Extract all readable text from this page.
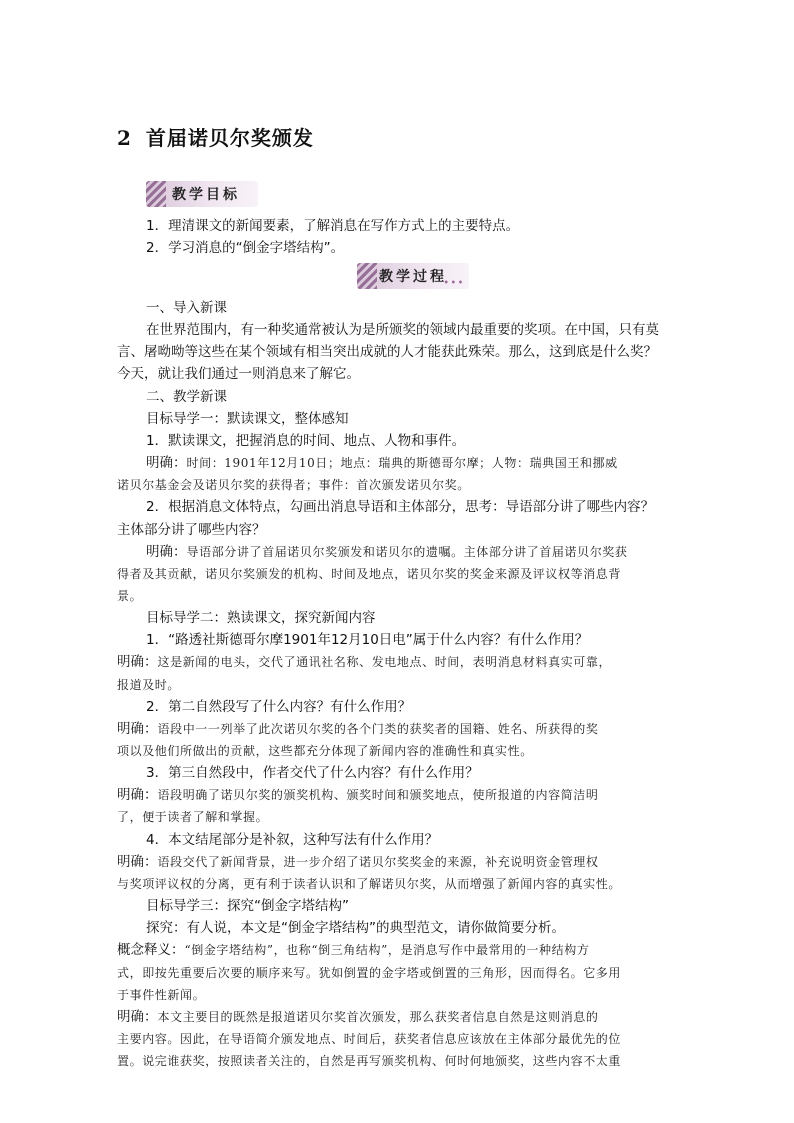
2 首届诺贝尔奖颁发
教学目标
1．理清课文的新闻要素，了解消息在写作方式上的主要特点。
2．学习消息的“倒金字塔结构”。
教学过程
•••
一、导入新课
在世界范围内，有一种奖通常被认为是所颁奖的领域内最重要的奖项。在中国，只有莫
言、屠呦呦等这些在某个领域有相当突出成就的人才能获此殊荣。那么，这到底是什么奖？
今天，就让我们通过一则消息来了解它。
二、教学新课
目标导学一：默读课文，整体感知
1．默读课文，把握消息的时间、地点、人物和事件。
明确：时间：1901年12月10日；地点：瑞典的斯德哥尔摩；人物：瑞典国王和挪威
诺贝尔基金会及诺贝尔奖的获得者；事件：首次颁发诺贝尔奖。
2．根据消息文体特点，勾画出消息导语和主体部分，思考：导语部分讲了哪些内容？
主体部分讲了哪些内容？
明确：导语部分讲了首届诺贝尔奖颁发和诺贝尔的遗嘱。主体部分讲了首届诺贝尔奖获
得者及其贡献，诺贝尔奖颁发的机构、时间及地点，诺贝尔奖的奖金来源及评议权等消息背
景。
目标导学二：熟读课文，探究新闻内容
1．“路透社斯德哥尔摩1901年12月10日电”属于什么内容？有什么作用？
明确：这是新闻的电头，交代了通讯社名称、发电地点、时间，表明消息材料真实可靠，
报道及时。
2．第二自然段写了什么内容？有什么作用？
明确：语段中一一列举了此次诺贝尔奖的各个门类的获奖者的国籍、姓名、所获得的奖
项以及他们所做出的贡献，这些都充分体现了新闻内容的准确性和真实性。
3．第三自然段中，作者交代了什么内容？有什么作用？
明确：语段明确了诺贝尔奖的颁奖机构、颁奖时间和颁奖地点，使所报道的内容简洁明
了，便于读者了解和掌握。
4．本文结尾部分是补叙，这种写法有什么作用？
明确：语段交代了新闻背景，进一步介绍了诺贝尔奖奖金的来源，补充说明资金管理权
与奖项评议权的分离，更有利于读者认识和了解诺贝尔奖，从而增强了新闻内容的真实性。
目标导学三：探究“倒金字塔结构”
探究：有人说，本文是“倒金字塔结构”的典型范文，请你做简要分析。
概念释义：“倒金字塔结构”，也称“倒三角结构”，是消息写作中最常用的一种结构方
式，即按先重要后次要的顺序来写。犹如倒置的金字塔或倒置的三角形，因而得名。它多用
于事件性新闻。
明确：本文主要目的既然是报道诺贝尔奖首次颁发，那么获奖者信息自然是这则消息的
主要内容。因此，在导语简介颁发地点、时间后，获奖者信息应该放在主体部分最优先的位
置。说完谁获奖，按照读者关注的，自然是再写颁奖机构、何时何地颁奖，这些内容不太重
